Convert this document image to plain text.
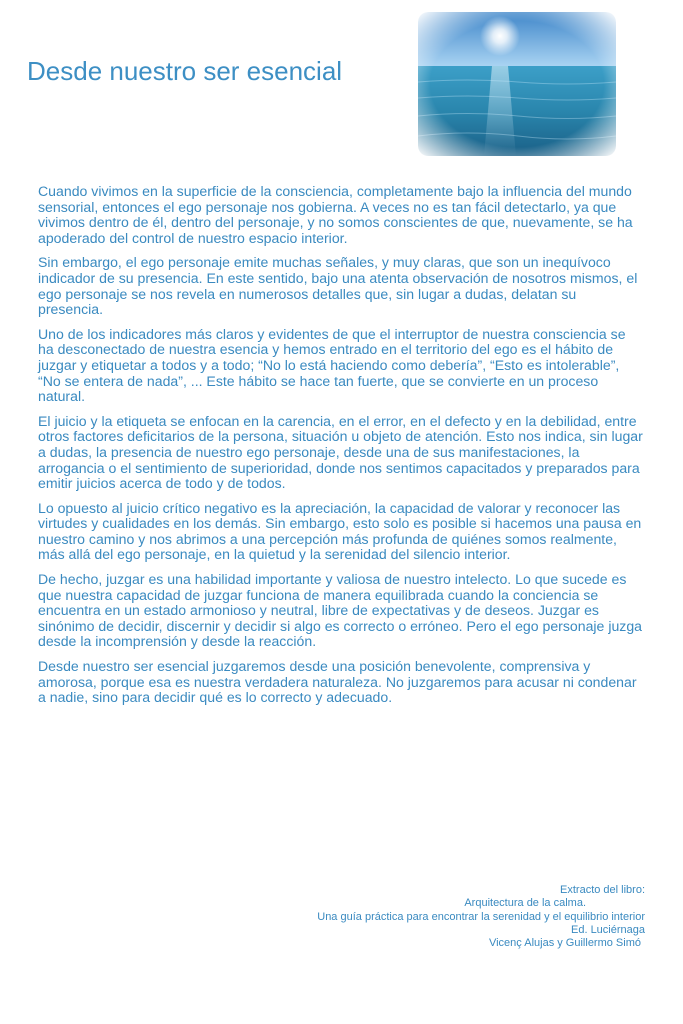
Desde nuestro ser esencial

Cuando vivimos en la superficie de la consciencia, completamente bajo la influencia del mundo sensorial, entonces el ego personaje nos gobierna. A veces no es tan fácil detectarlo, ya que vivimos dentro de él, dentro del personaje, y no somos conscientes de que, nuevamente, se ha apoderado del control de nuestro espacio interior.

Sin embargo, el ego personaje emite muchas señales, y muy claras, que son un inequívoco indicador de su presencia. En este sentido, bajo una atenta observación de nosotros mismos, el ego personaje se nos revela en numerosos detalles que, sin lugar a dudas, delatan su presencia.

Uno de los indicadores más claros y evidentes de que el interruptor de nuestra consciencia se ha desconectado de nuestra esencia y hemos entrado en el territorio del ego es el hábito de juzgar y etiquetar a todos y a todo; “No lo está haciendo como debería”, “Esto es intolerable”, “No se entera de nada”, ... Este hábito se hace tan fuerte, que se convierte en un proceso natural.

El juicio y la etiqueta se enfocan en la carencia, en el error, en el defecto y en la debilidad, entre otros factores deficitarios de la persona, situación u objeto de atención. Esto nos indica, sin lugar a dudas, la presencia de nuestro ego personaje, desde una de sus manifestaciones, la arrogancia o el sentimiento de superioridad, donde nos sentimos capacitados y preparados para emitir juicios acerca de todo y de todos.

Lo opuesto al juicio crítico negativo es la apreciación, la capacidad de valorar y reconocer las virtudes y cualidades en los demás. Sin embargo, esto solo es posible si hacemos una pausa en nuestro camino y nos abrimos a una percepción más profunda de quiénes somos realmente, más allá del ego personaje, en la quietud y la serenidad del silencio interior.

De hecho, juzgar es una habilidad importante y valiosa de nuestro intelecto. Lo que sucede es que nuestra capacidad de juzgar funciona de manera equilibrada cuando la conciencia se encuentra en un estado armonioso y neutral, libre de expectativas y de deseos. Juzgar es sinónimo de decidir, discernir y decidir si algo es correcto o erróneo. Pero el ego personaje juzga desde la incomprensión y desde la reacción.

Desde nuestro ser esencial juzgaremos desde una posición benevolente, comprensiva y amorosa, porque esa es nuestra verdadera naturaleza. No juzgaremos para acusar ni condenar a nadie, sino para decidir qué es lo correcto y adecuado.

Extracto del libro:
Arquitectura de la calma.
Una guía práctica para encontrar la serenidad y el equilibrio interior
Ed. Luciérnaga
Vicenç Alujas y Guillermo Simó
